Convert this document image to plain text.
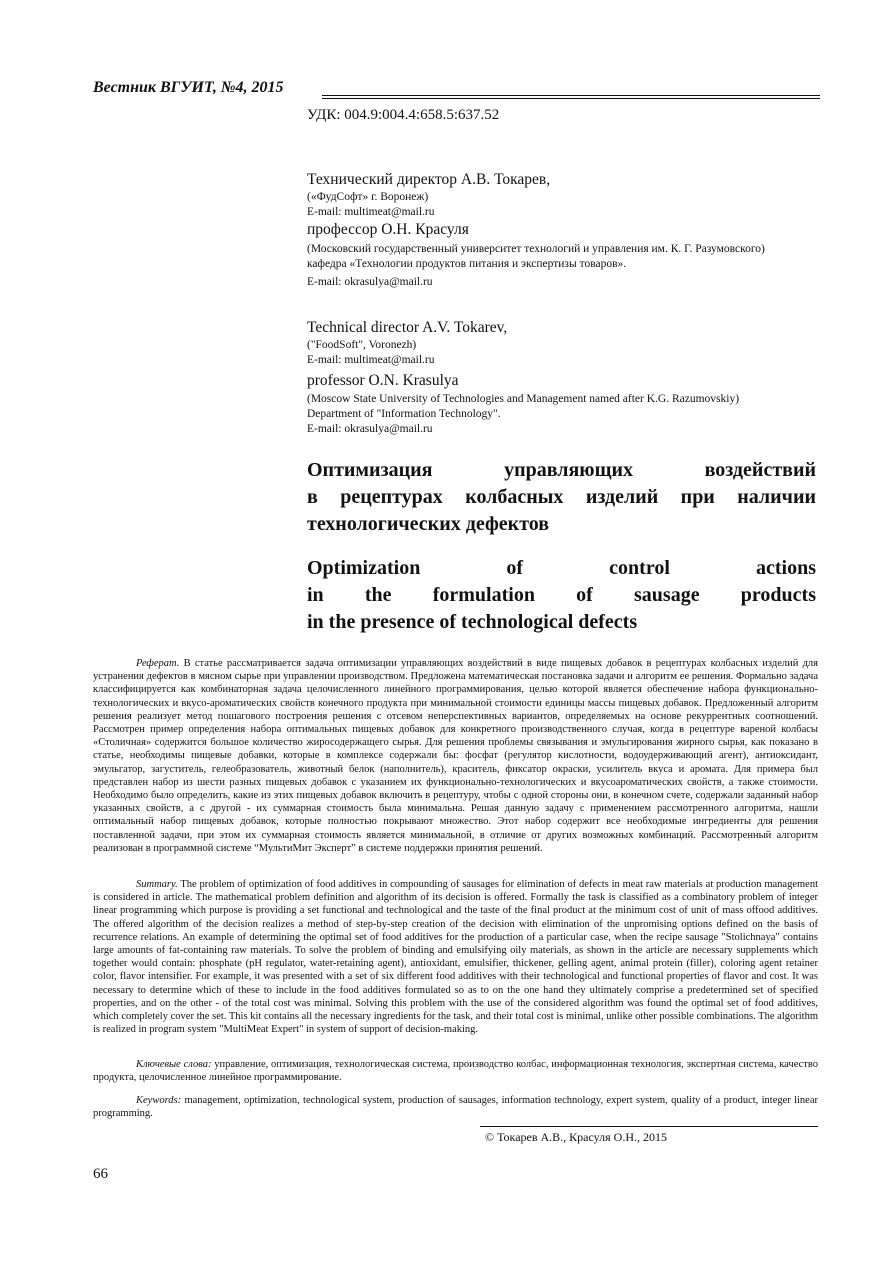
Вестник ВГУИТ, №4, 2015
УДК: 004.9:004.4:658.5:637.52
Технический директор А.В. Токарев,
(«ФудСофт» г. Воронеж)
E-mail: multimeat@mail.ru
профессор О.Н. Красуля
(Московский государственный университет технологий и управления им. К. Г. Разумовского)
кафедра «Технологии продуктов питания и экспертизы товаров».
E-mail: okrasulya@mail.ru
Technical director A.V. Tokarev,
("FoodSoft", Voronezh)
E-mail: multimeat@mail.ru
professor O.N. Krasulya
(Moscow State University of Technologies and Management named after K.G. Razumovskiy)
Department of "Information Technology".
E-mail: okrasulya@mail.ru
Оптимизация управляющих воздействий
в рецептурах колбасных изделий при наличии
технологических дефектов
Optimization of control actions
in the formulation of sausage products
in the presence of technological defects
Реферат. В статье рассматривается задача оптимизации управляющих воздействий в виде пищевых добавок в рецептурах колбасных изделий для устранения дефектов в мясном сырье при управлении производством. Предложена математическая постановка задачи и алгоритм ее решения. Формально задача классифицируется как комбинаторная задача целочисленного линейного программирования, целью которой является обеспечение набора функционально-технологических и вкусо-ароматических свойств конечного продукта при минимальной стоимости единицы массы пищевых добавок. Предложенный алгоритм решения реализует метод пошагового построения решения с отсевом неперспективных вариантов, определяемых на основе рекуррентных соотношений. Рассмотрен пример определения набора оптимальных пищевых добавок для конкретного производственного случая, когда в рецептуре вареной колбасы «Столичная» содержится большое количество жиросодержащего сырья. Для решения проблемы связывания и эмульгирования жирного сырья, как показано в статье, необходимы пищевые добавки, которые в комплексе содержали бы: фосфат (регулятор кислотности, водоудерживающий агент), антиоксидант, эмульгатор, загуститель, гелеобразователь, животный белок (наполнитель), краситель, фиксатор окраски, усилитель вкуса и аромата. Для примера был представлен набор из шести разных пищевых добавок с указанием их функционально-технологических и вкусоароматических свойств, а также стоимости. Необходимо было определить, какие из этих пищевых добавок включить в рецептуру, чтобы с одной стороны они, в конечном счете, содержали заданный набор указанных свойств, а с другой - их суммарная стоимость была минимальна. Решая данную задачу с применением рассмотренного алгоритма, нашли оптимальный набор пищевых добавок, которые полностью покрывают множество. Этот набор содержит все необходимые ингредиенты для решения поставленной задачи, при этом их суммарная стоимость является минимальной, в отличие от других возможных комбинаций. Рассмотренный алгоритм реализован в программной системе “МультиМит Эксперт” в системе поддержки принятия решений.
Summary. The problem of optimization of food additives in compounding of sausages for elimination of defects in meat raw materials at production management is considered in article. The mathematical problem definition and algorithm of its decision is offered. Formally the task is classified as a combinatory problem of integer linear programming which purpose is providing a set functional and technological and the taste of the final product at the minimum cost of unit of mass offood additives. The offered algorithm of the decision realizes a method of step-by-step creation of the decision with elimination of the unpromising options defined on the basis of recurrence relations. An example of determining the optimal set of food additives for the production of a particular case, when the recipe sausage "Stolichnaya" contains large amounts of fat-containing raw materials. To solve the problem of binding and emulsifying oily materials, as shown in the article are necessary supplements which together would contain: phosphate (pH regulator, water-retaining agent), antioxidant, emulsifier, thickener, gelling agent, animal protein (filler), coloring agent retainer color, flavor intensifier. For example, it was presented with a set of six different food additives with their technological and functional properties of flavor and cost. It was necessary to determine which of these to include in the food additives formulated so as to on the one hand they ultimately comprise a predetermined set of specified properties, and on the other - of the total cost was minimal. Solving this problem with the use of the considered algorithm was found the optimal set of food additives, which completely cover the set. This kit contains all the necessary ingredients for the task, and their total cost is minimal, unlike other possible combinations. The algorithm is realized in program system "MultiMeat Expert" in system of support of decision-making.
Ключевые слова: управление, оптимизация, технологическая система, производство колбас, информационная технология, экспертная система, качество продукта, целочисленное линейное программирование.
Keywords: management, optimization, technological system, production of sausages, information technology, expert system, quality of a product, integer linear programming.
© Токарев А.В., Красуля О.Н., 2015
66
